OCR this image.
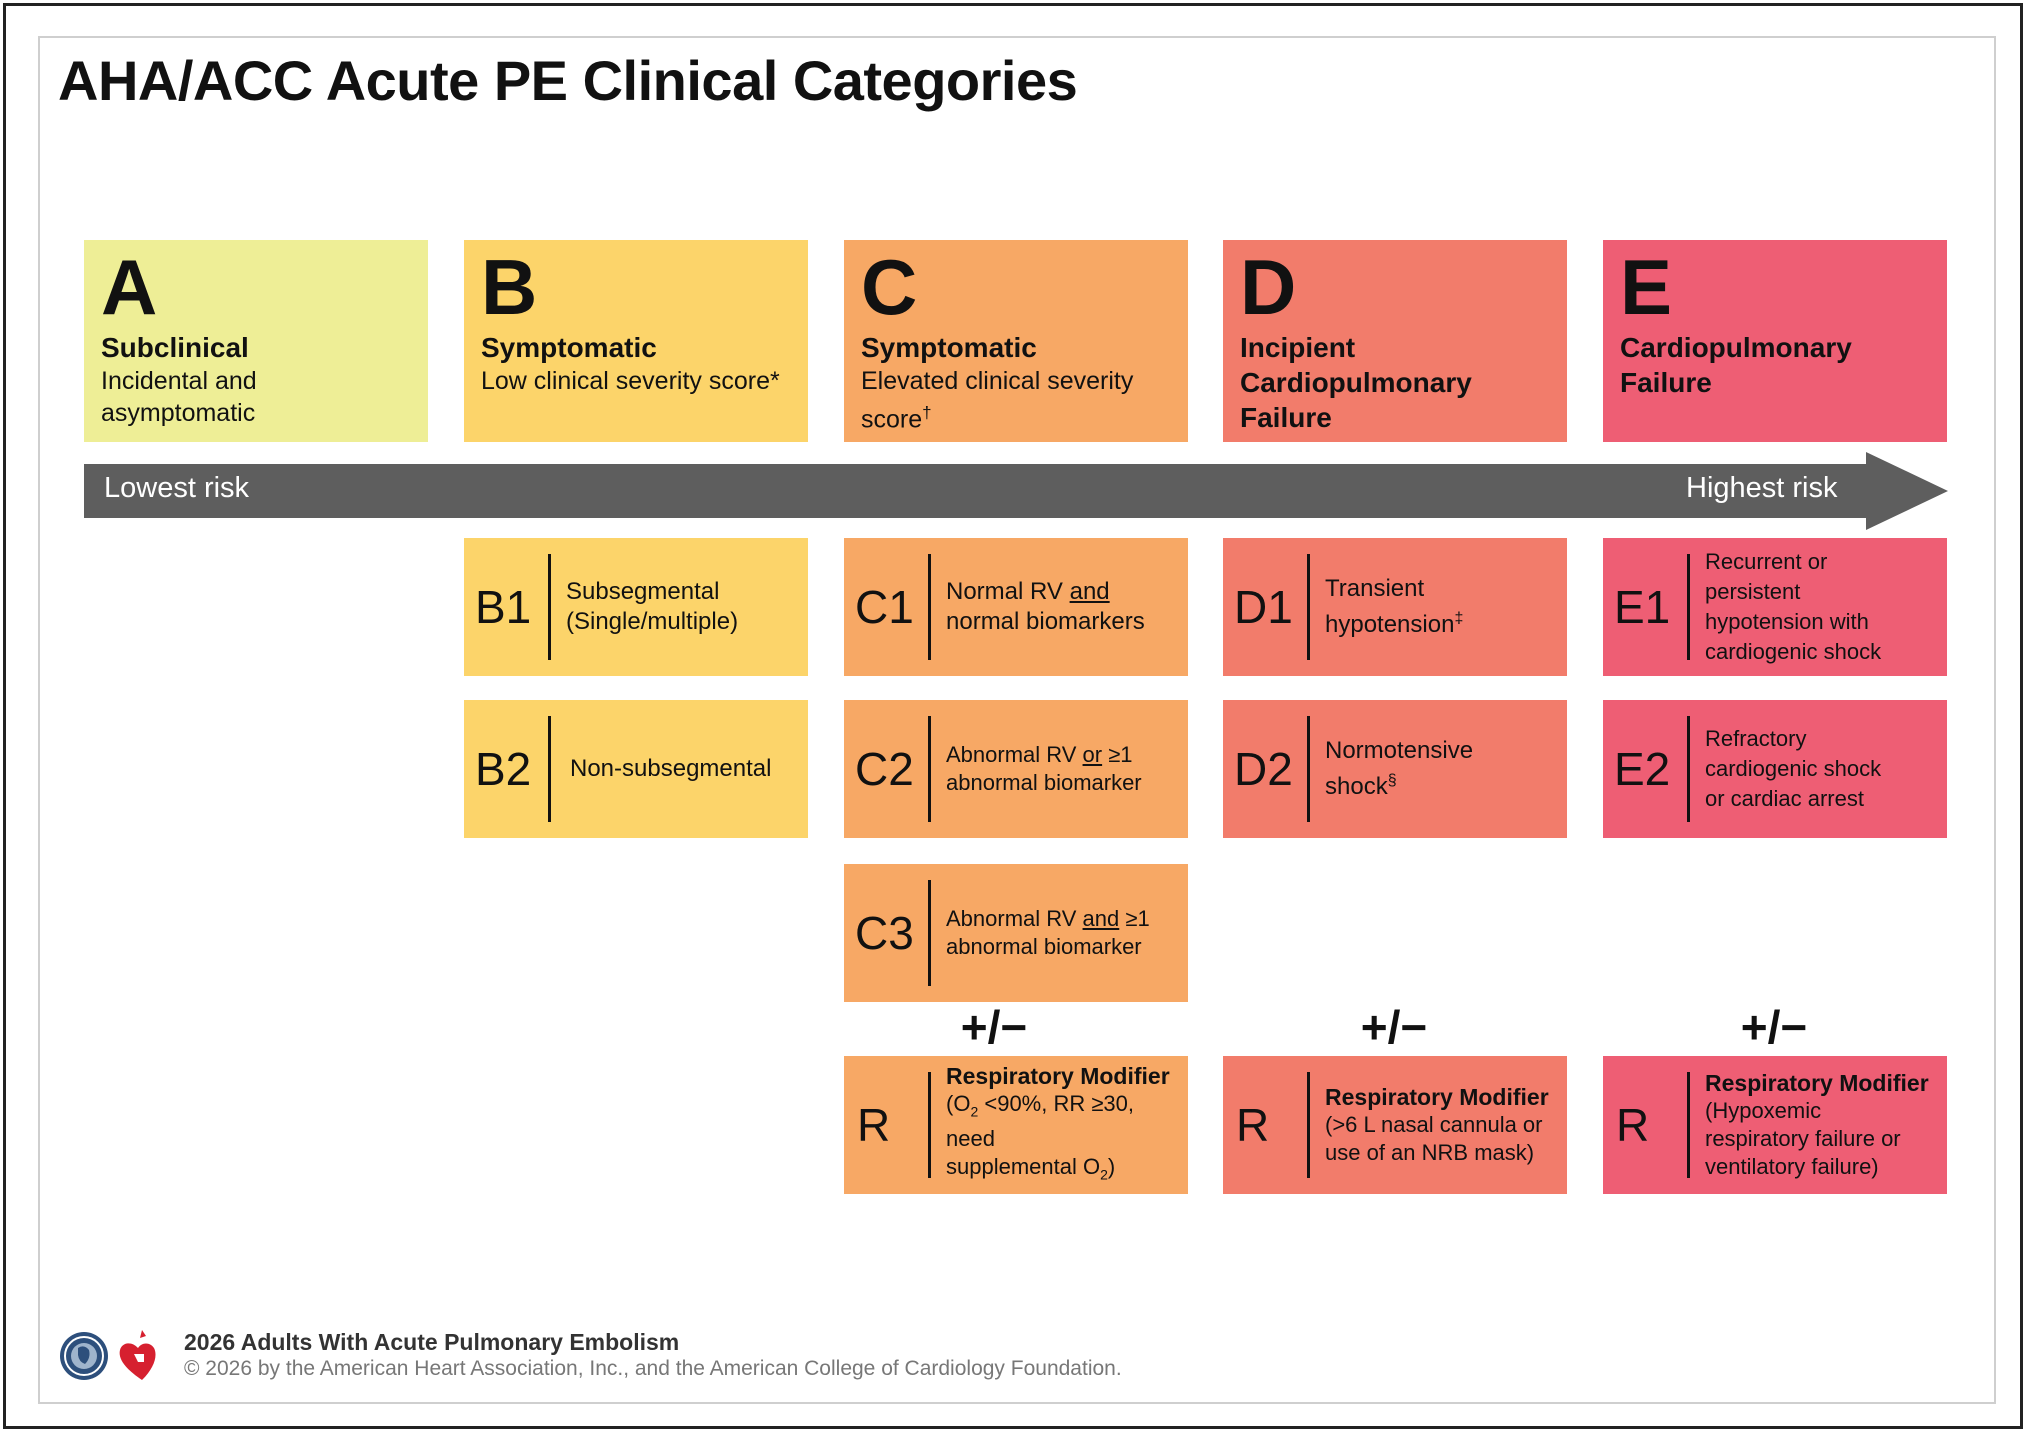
AHA/ACC Acute PE Clinical Categories
A
Subclinical
Incidental and
asymptomatic
B
Symptomatic
Low clinical severity score*
C
Symptomatic
Elevated clinical severity
score†
D
Incipient
Cardiopulmonary
Failure
E
Cardiopulmonary
Failure
Lowest risk	Highest risk
B1 Subsegmental
(Single/multiple)
B2 Non-subsegmental
C1 Normal RV and
normal biomarkers
C2 Abnormal RV or ≥1
abnormal biomarker
C3 Abnormal RV and ≥1
abnormal biomarker
D1 Transient
hypotension‡
D2 Normotensive
shock§
E1
Recurrent or
persistent
hypotension with
cardiogenic shock
E2
Refractory
cardiogenic shock
or cardiac arrest
+/−	+/−	+/−
R
Respiratory Modifier
($O_2 <90\%$, RR ≥30, need
supplemental $O_2$)
R
Respiratory Modifier
(>6 L nasal cannula or
use of an NRB mask)
R
Respiratory Modifier
(Hypoxemic
respiratory failure or
ventilatory failure)
2026 Adults With Acute Pulmonary Embolism
© 2026 by the American Heart Association, Inc., and the American College of Cardiology Foundation.
